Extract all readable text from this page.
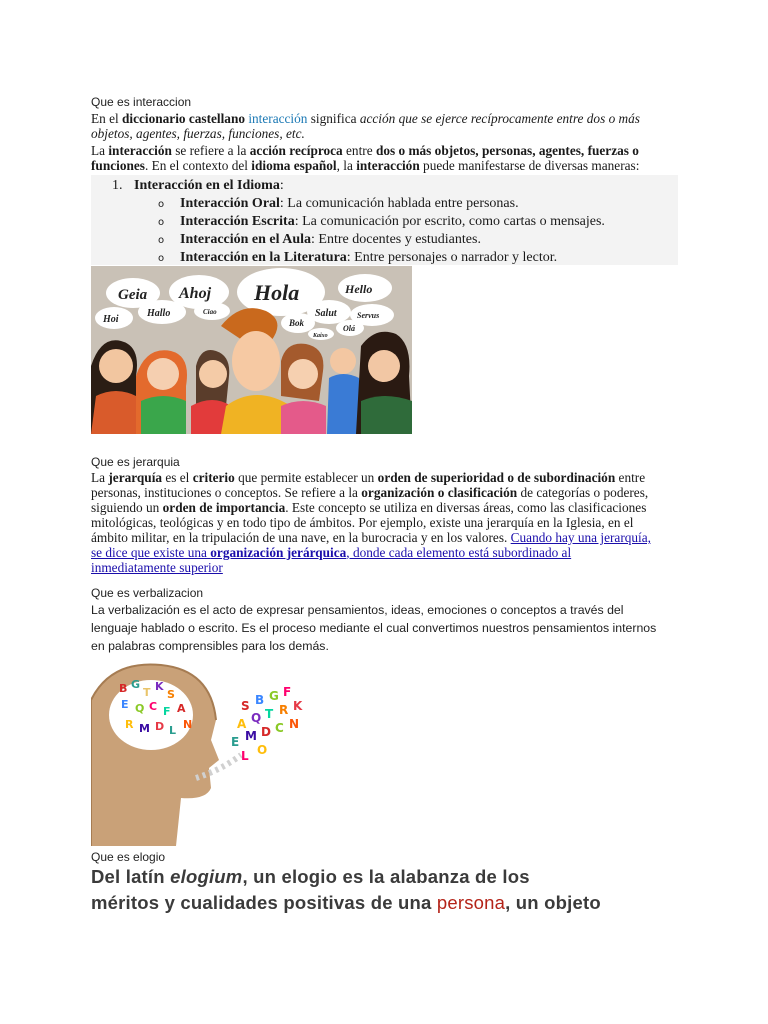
Que es interaccion
En el diccionario castellano interacción significa acción que se ejerce recíprocamente entre dos o más
objetos, agentes, fuerzas, funciones, etc.
La interacción se refiere a la acción recíproca entre dos o más objetos, personas, agentes, fuerzas o
funciones. En el contexto del idioma español, la interacción puede manifestarse de diversas maneras:
1. Interacción en el Idioma:
o Interacción Oral: La comunicación hablada entre personas.
o Interacción Escrita: La comunicación por escrito, como cartas o mensajes.
o Interacción en el Aula: Entre docentes y estudiantes.
o Interacción en la Literatura: Entre personajes o narrador y lector.
Geia Ahoj Hola	Hello
Hoi
Hallo	Ciao	Salut	Servus
Bok
Olá
Kaixo
Que es jerarquia
La jerarquía es el criterio que permite establecer un orden de superioridad o de subordinación entre
personas, instituciones o conceptos. Se refiere a la organización o clasificación de categorías o poderes,
siguiendo un orden de importancia. Este concepto se utiliza en diversas áreas, como las clasificaciones
mitológicas, teológicas y en todo tipo de ámbitos. Por ejemplo, existe una jerarquía en la Iglesia, en el
ámbito militar, en la tripulación de una nave, en la burocracia y en los valores. Cuando hay una jerarquía,
se dice que existe una organización jerárquica, donde cada elemento está subordinado al
inmediatamente superior
Que es verbalizacion
La verbalización es el acto de expresar pensamientos, ideas, emociones o conceptos a través del
lenguaje hablado o escrito. Es el proceso mediante el cual convertimos nuestros pensamientos internos
en palabras comprensibles para los demás.
B G
T K
S
E Q C F A
R M D L N
S B G F
A Q T R K
E M D C N
L O
Que es elogio
Del latín elogium, un elogio es la alabanza de los
méritos y cualidades positivas de una persona, un objeto
